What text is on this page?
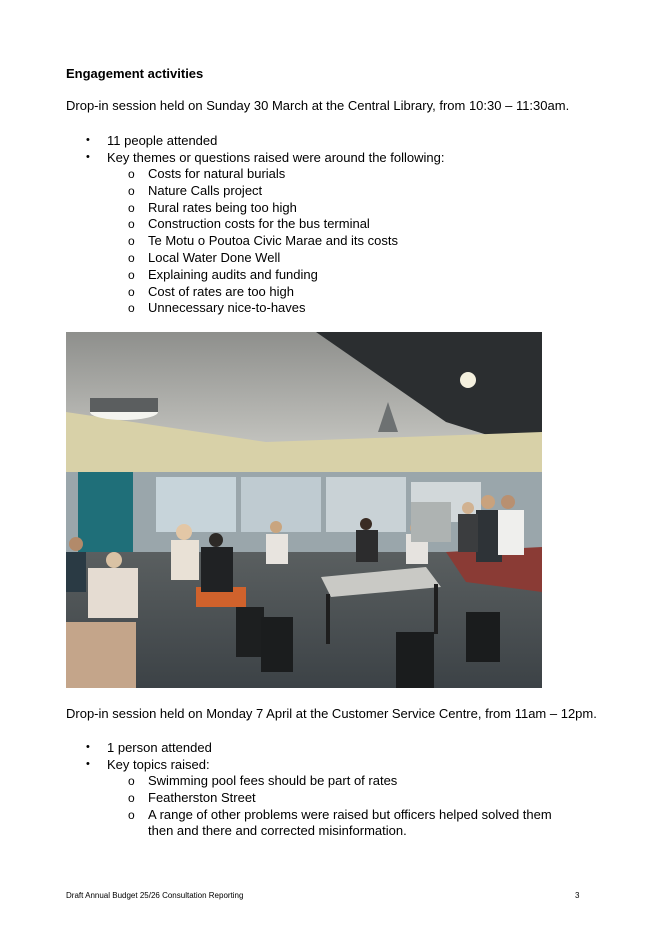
Engagement activities
Drop-in session held on Sunday 30 March at the Central Library, from 10:30 – 11:30am.
• 11 people attended
• Key themes or questions raised were around the following:
o Costs for natural burials
o Nature Calls project
o Rural rates being too high
o Construction costs for the bus terminal
o Te Motu o Poutoa Civic Marae and its costs
o Local Water Done Well
o Explaining audits and funding
o Cost of rates are too high
o Unnecessary nice-to-haves
Drop-in session held on Monday 7 April at the Customer Service Centre, from 11am – 12pm.
• 1 person attended
• Key topics raised:
o Swimming pool fees should be part of rates
o Featherston Street
o A range of other problems were raised but officers helped solved them then and there and corrected misinformation.
Draft Annual Budget 25/26 Consultation Reporting	3
